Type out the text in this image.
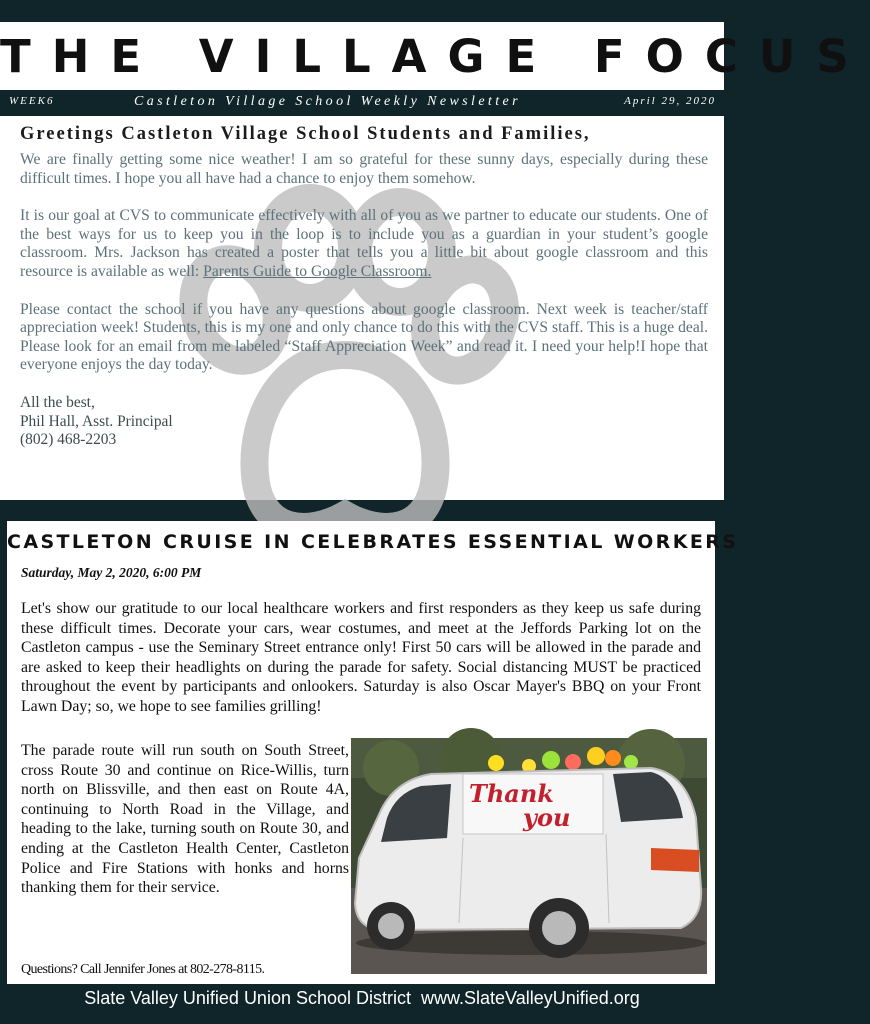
THE VILLAGE FOCUS
WEEK6	Castleton Village School Weekly Newsletter	April 29, 2020
Greetings Castleton Village School Students and Families,

We are finally getting some nice weather! I am so grateful for these sunny days, especially during these difficult times. I hope you all have had a chance to enjoy them somehow.

It is our goal at CVS to communicate effectively with all of you as we partner to educate our students. One of the best ways for us to keep you in the loop is to include you as a guardian in your student’s google classroom. Mrs. Jackson has created a poster that tells you a little bit about google classroom and this resource is available as well: Parents Guide to Google Classroom.

Please contact the school if you have any questions about google classroom. Next week is teacher/staff appreciation week! Students, this is my one and only chance to do this with the CVS staff. This is a huge deal. Please look for an email from me labeled “Staff Appreciation Week” and read it. I need your help!I hope that everyone enjoys the day today.

All the best,
Phil Hall, Asst. Principal
(802) 468-2203
CASTLETON CRUISE IN CELEBRATES ESSENTIAL WORKERS
Saturday, May 2, 2020, 6:00 PM

Let's show our gratitude to our local healthcare workers and first responders as they keep us safe during these difficult times. Decorate your cars, wear costumes, and meet at the Jeffords Parking lot on the Castleton campus - use the Seminary Street entrance only! First 50 cars will be allowed in the parade and are asked to keep their headlights on during the parade for safety. Social distancing MUST be practiced throughout the event by participants and onlookers. Saturday is also Oscar Mayer's BBQ on your Front Lawn Day; so, we hope to see families grilling!

The parade route will run south on South Street, cross Route 30 and continue on Rice-Willis, turn north on Blissville, and then east on Route 4A, continuing to North Road in the Village, and heading to the lake, turning south on Route 30, and ending at the Castleton Health Center, Castleton Police and Fire Stations with honks and horns thanking them for their service.

Questions? Call Jennifer Jones at 802-278-8115.
Thank
you
Slate Valley Unified Union School District www.SlateValleyUnified.org
